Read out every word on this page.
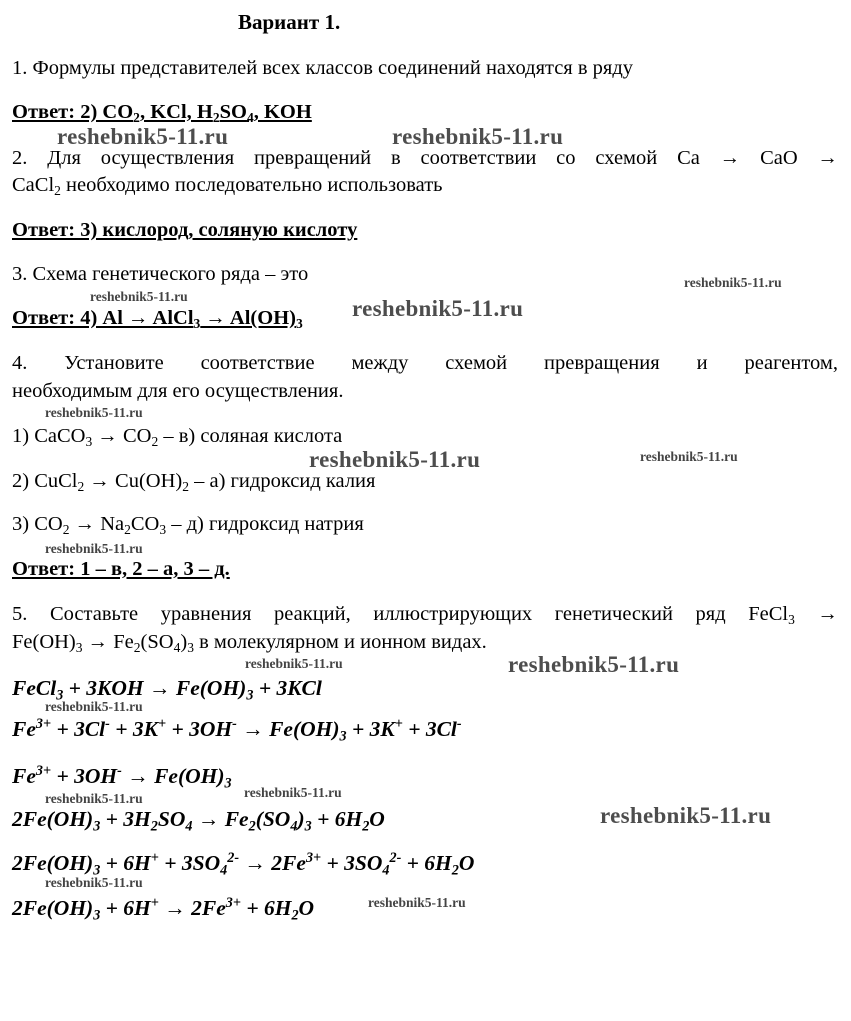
Вариант 1.
1. Формулы представителей всех классов соединений находятся в ряду
Ответ: 2) $CO_2$, KCl, $H_2SO_4$, KOH
reshebnik5-11.ru	reshebnik5-11.ru
2. Для осуществления превращений в соответствии со схемой Ca → CaO →
CaCl$_2$ необходимо последовательно использовать
Ответ: 3) кислород, соляную кислоту
3. Схема генетического ряда – это	reshebnik5-11.ru
reshebnik5-11.ru
Ответ: 4) Al → AlCl$_3$ → $Al(OH)_3$
reshebnik5-11.ru
4. Установите соответствие между схемой превращения и реагентом,
необходимым для его осуществления.
reshebnik5-11.ru
1) CaCO$_3$ → $CO_2 - в$) соляная кислота
reshebnik5-11.ru	reshebnik5-11.ru
2) CuCl$_2$ → $Cu(OH)_2 - а$) гидроксид калия
3) $CO_2 \to Na_2CO_3 - д$) гидроксид натрия
reshebnik5-11.ru
Ответ: 1 – в, 2 – а, 3 – д.
5. Составьте уравнения реакций, иллюстрирующих генетический ряд FeCl$_3$ →
$Fe(OH)_3 \to Fe_2(SO_4)_3$ в молекулярном и ионном видах.
reshebnik5-11.ru	reshebnik5-11.ru
FeCl$_3$ + $3KOH \to Fe(OH)_3 + 3KCl$
reshebnik5-11.ru
$Fe^{3+} + 3Cl^- + 3K^+ + 3OH^- \to Fe(OH)_3 + 3K^+ + 3Cl^-$
$Fe^{3+} + 3OH^- \to Fe(OH)_3$
reshebnik5-11.ru
reshebnik5-11.ru
$2Fe(OH)_3 + 3H_2SO_4 \to Fe_2(SO_4)_3 + 6H_2O$	reshebnik5-11.ru
$2Fe(OH)_3 + 6H^+ + 3SO_4^{2-} \to 2Fe^{3+} + 3SO_4^{2-} + 6H_2O$
reshebnik5-11.ru
$2Fe(OH)_3 + 6H^+ \to 2Fe^{3+} + 6H_2O$	reshebnik5-11.ru
